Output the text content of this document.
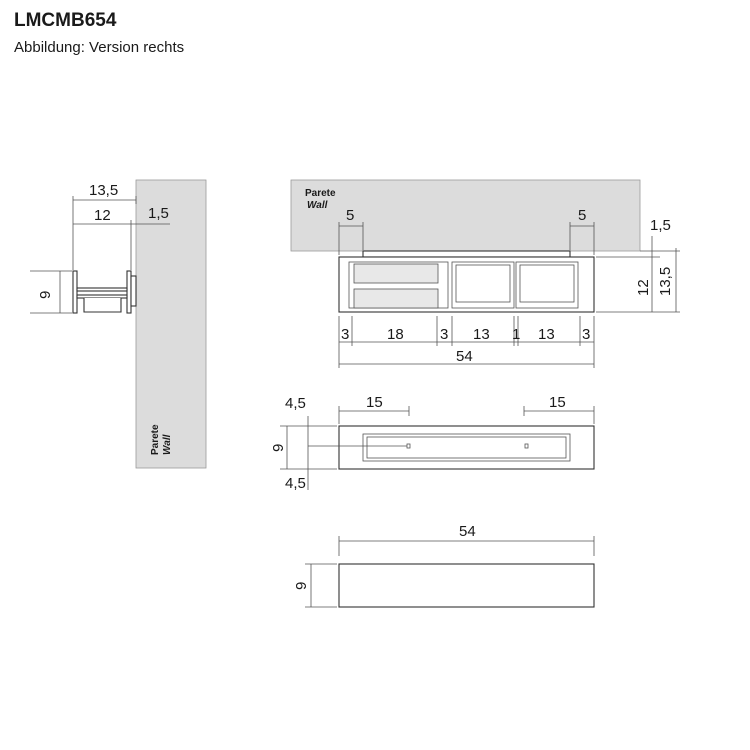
LMCMB654
Abbildung: Version rechts
Parete Wall
13,5
12 1,5
9
Parete
Wall
5	5
1,5
12 13,5
3	18 3 13 1 13 3
54
15	15
4,5
9
4,5
54
9
